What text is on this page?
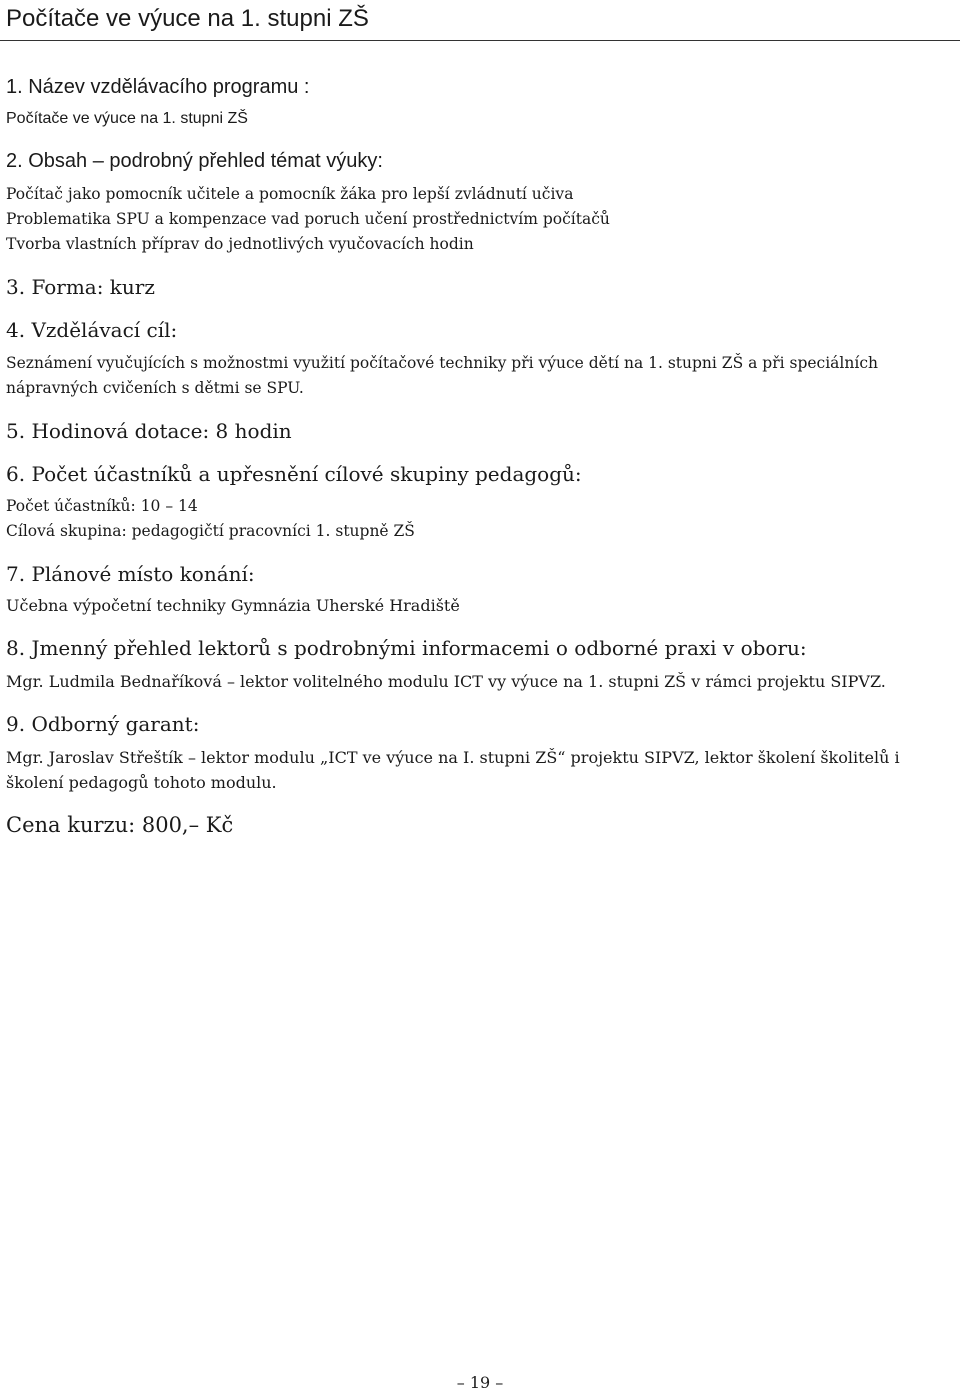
Počítače ve výuce na 1. stupni ZŠ
1. Název vzdělávacího programu :

Počítače ve výuce na 1. stupni ZŠ

2. Obsah – podrobný přehled témat výuky:

Počítač jako pomocník učitele a pomocník žáka pro lepší zvládnutí učiva

Problematika SPU a kompenzace vad poruch učení prostřednictvím počítačů

Tvorba vlastních příprav do jednotlivých vyučovacích hodin

3. Forma: kurz
4. Vzdělávací cíl:

Seznámení vyučujících s možnostmi využití počítačové techniky při výuce dětí na 1. stupni ZŠ a při speciálních

nápravných cvičeních s dětmi se SPU.

5. Hodinová dotace: 8 hodin
6. Počet účastníků a upřesnění cílové skupiny pedagogů:

Počet účastníků: 10 – 14

Cílová skupina: pedagogičtí pracovníci 1. stupně ZŠ

7. Plánové místo konání:

Učebna výpočetní techniky Gymnázia Uherské Hradiště

8. Jmenný přehled lektorů s podrobnými informacemi o odborné praxi v oboru:

Mgr. Ludmila Bednaříková – lektor volitelného modulu ICT vy výuce na 1. stupni ZŠ v rámci projektu SIPVZ.

9. Odborný garant:

Mgr. Jaroslav Střeštík – lektor modulu „ICT ve výuce na I. stupni ZŠ“ projektu SIPVZ, lektor školení školitelů i

školení pedagogů tohoto modulu.

Cena kurzu: 800,– Kč
– 19 –
